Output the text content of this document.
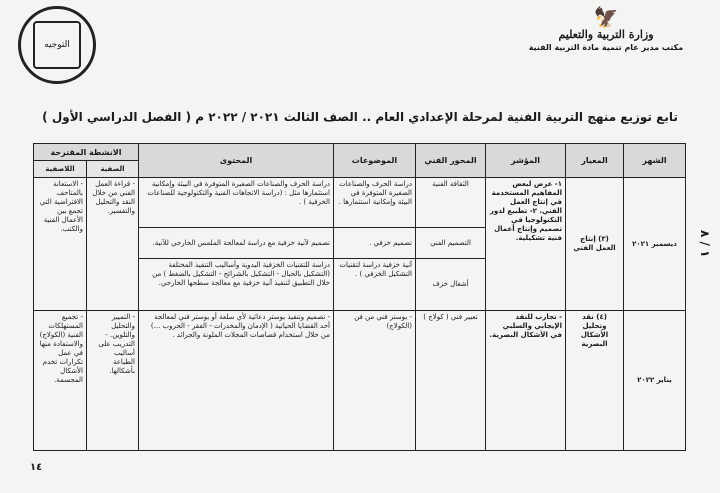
التوجيه
🦅
وزارة التربية والتعليم
مكتب مدير عام تنمية مادة التربية الفنية
تابع توزيع منهج التربية الفنية لمرحلة الإعدادي العام .. الصف الثالث ٢٠٢١ / ٢٠٢٢ م ( الفصل الدراسي الأول )
١ / ٨
الشهر	المعيار	المؤشر	المحور الفني	الموضوعات	المحتوى	الانشطة المقترحة	
						الصفية	اللاصفية
ديسمبر ٢٠٢١	(٣) إنتاج العمل الفني	١- عرض لبعض المفاهيم المستخدمة في إنتاج العمل الفني. ٢- تطبيع لدور التكنولوجيا في تصميم وإنتاج أعمال فنية تشكيلية.	الثقافة الفنية	دراسة الحرف والصناعات الصغيرة المتوفرة في البيئة وإمكانية استثمارها .	دراسة الحرف والصناعات الصغيرة المتوفرة في البيئة وإمكانية استثمارها مثل : (دراسة الاتجاهات الفنية والتكنولوجية للصناعات الخزفية ) .	- قراءة العمل الفني من خلال النقد والتحليل والتفسير.	- الاستعانة بالمتاحف الافتراضية التي تجمع بين الأعمال الفنية والكتب.
			التصميم الفني	تصميم خزفي .	تصميم لآنية خزفية مع دراسة لمعالجة الملمس الخارجي للآنية.		
			أشغال خزف	آنية خزفية دراسة لتقنيات التشكيل الخزفي ) .	دراسة للتقنيات الخزفية اليدوية وأساليب التنفيذ المختلفة (التشكيل بالحبال - التشكيل بالشرائح - التشكيل بالضغط ) من خلال التطبيق لتنفيذ آنية خزفية مع معالجة سطحها الخارجي.		
يناير ٢٠٢٢	(٤) نقد وتحليل الأشكال البصرية	- تجارب للنقد الإيجابي والسلبي في الأشكال البصرية.	تعبير فني ( كولاج )	- بوستر فني من فن (الكولاج)	- تصميم وتنفيذ بوستر دعائية لأي سلعة أو بوستر فني لمعالجة أحد القضايا الحياتية ( الإدمان والمخدرات - الفقر - الحروب ...) من خلال استخدام قصاصات المجلات الملونة والجرائد .	- التمييز والتحليل والتلوين. - التدريب على أساليب الطباعة بأشكالها.	- تجميع المستهلكات الفنية (الكولاج) والاستفادة منها في عمل تكرارات تخدم الأشكال المجسمة.
١٤
